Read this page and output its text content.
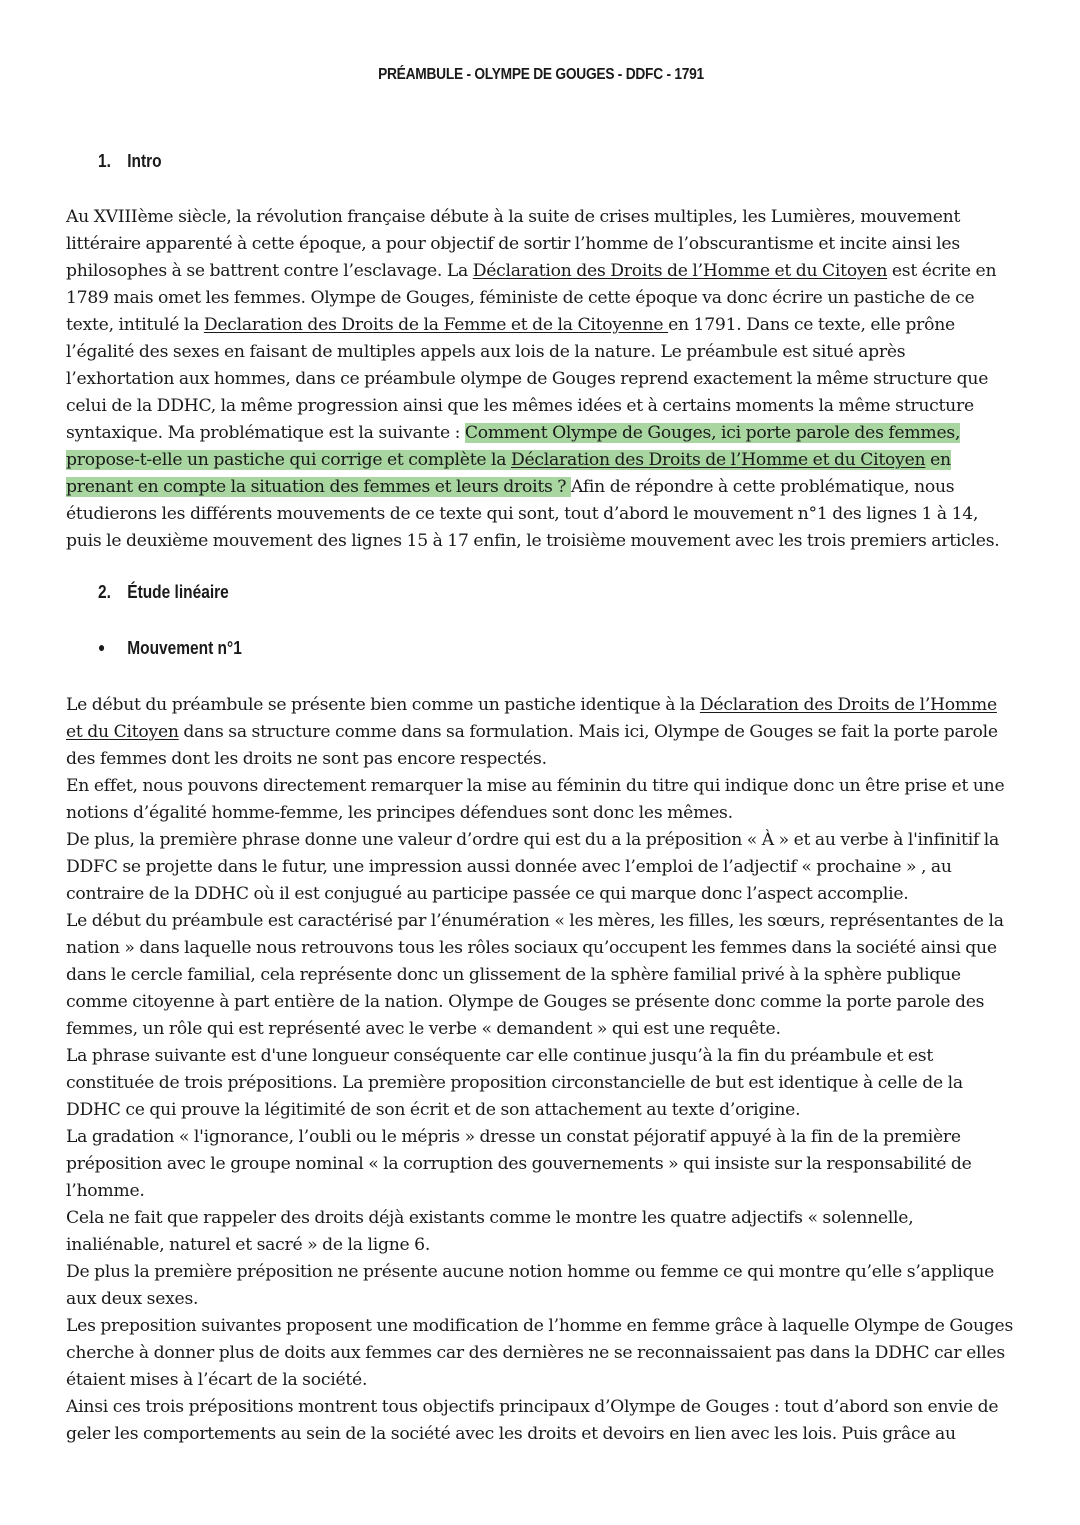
PRÉAMBULE - OLYMPE DE GOUGES - DDFC - 1791
1. Intro

Au XVIIIème siècle, la révolution française débute à la suite de crises multiples, les Lumières, mouvement littéraire apparenté à cette époque, a pour objectif de sortir l’homme de l’obscurantisme et incite ainsi les philosophes à se battrent contre l’esclavage. La Déclaration des Droits de l’Homme et du Citoyen est écrite en 1789 mais omet les femmes. Olympe de Gouges, féministe de cette époque va donc écrire un pastiche de ce texte, intitulé la Declaration des Droits de la Femme et de la Citoyenne en 1791. Dans ce texte, elle prône l’égalité des sexes en faisant de multiples appels aux lois de la nature. Le préambule est situé après l’exhortation aux hommes, dans ce préambule olympe de Gouges reprend exactement la même structure que celui de la DDHC, la même progression ainsi que les mêmes idées et à certains moments la même structure syntaxique. Ma problématique est la suivante : Comment Olympe de Gouges, ici porte parole des femmes, propose-t-elle un pastiche qui corrige et complète la Déclaration des Droits de l’Homme et du Citoyen en prenant en compte la situation des femmes et leurs droits ? Afin de répondre à cette problématique, nous étudierons les différents mouvements de ce texte qui sont, tout d’abord le mouvement n°1 des lignes 1 à 14, puis le deuxième mouvement des lignes 15 à 17 enfin, le troisième mouvement avec les trois premiers articles.

2. Étude linéaire
● Mouvement n°1

Le début du préambule se présente bien comme un pastiche identique à la Déclaration des Droits de l’Homme et du Citoyen dans sa structure comme dans sa formulation. Mais ici, Olympe de Gouges se fait la porte parole des femmes dont les droits ne sont pas encore respectés.

En effet, nous pouvons directement remarquer la mise au féminin du titre qui indique donc un être prise et une notions d’égalité homme-femme, les principes défendues sont donc les mêmes.

De plus, la première phrase donne une valeur d’ordre qui est du a la préposition « À » et au verbe à l'infinitif la DDFC se projette dans le futur, une impression aussi donnée avec l’emploi de l’adjectif « prochaine » , au contraire de la DDHC où il est conjugué au participe passée ce qui marque donc l’aspect accomplie.

Le début du préambule est caractérisé par l’énumération « les mères, les filles, les sœurs, représentantes de la nation » dans laquelle nous retrouvons tous les rôles sociaux qu’occupent les femmes dans la société ainsi que dans le cercle familial, cela représente donc un glissement de la sphère familial privé à la sphère publique comme citoyenne à part entière de la nation. Olympe de Gouges se présente donc comme la porte parole des femmes, un rôle qui est représenté avec le verbe « demandent » qui est une requête.

La phrase suivante est d'une longueur conséquente car elle continue jusqu’à la fin du préambule et est constituée de trois prépositions. La première proposition circonstancielle de but est identique à celle de la DDHC ce qui prouve la légitimité de son écrit et de son attachement au texte d’origine.

La gradation « l'ignorance, l’oubli ou le mépris » dresse un constat péjoratif appuyé à la fin de la première préposition avec le groupe nominal « la corruption des gouvernements » qui insiste sur la responsabilité de l’homme.

Cela ne fait que rappeler des droits déjà existants comme le montre les quatre adjectifs « solennelle, inaliénable, naturel et sacré » de la ligne 6.

De plus la première préposition ne présente aucune notion homme ou femme ce qui montre qu’elle s’applique aux deux sexes.

Les preposition suivantes proposent une modification de l’homme en femme grâce à laquelle Olympe de Gouges cherche à donner plus de doits aux femmes car des dernières ne se reconnaissaient pas dans la DDHC car elles étaient mises à l’écart de la société.

Ainsi ces trois prépositions montrent tous objectifs principaux d’Olympe de Gouges : tout d’abord son envie de geler les comportements au sein de la société avec les droits et devoirs en lien avec les lois. Puis grâce au
